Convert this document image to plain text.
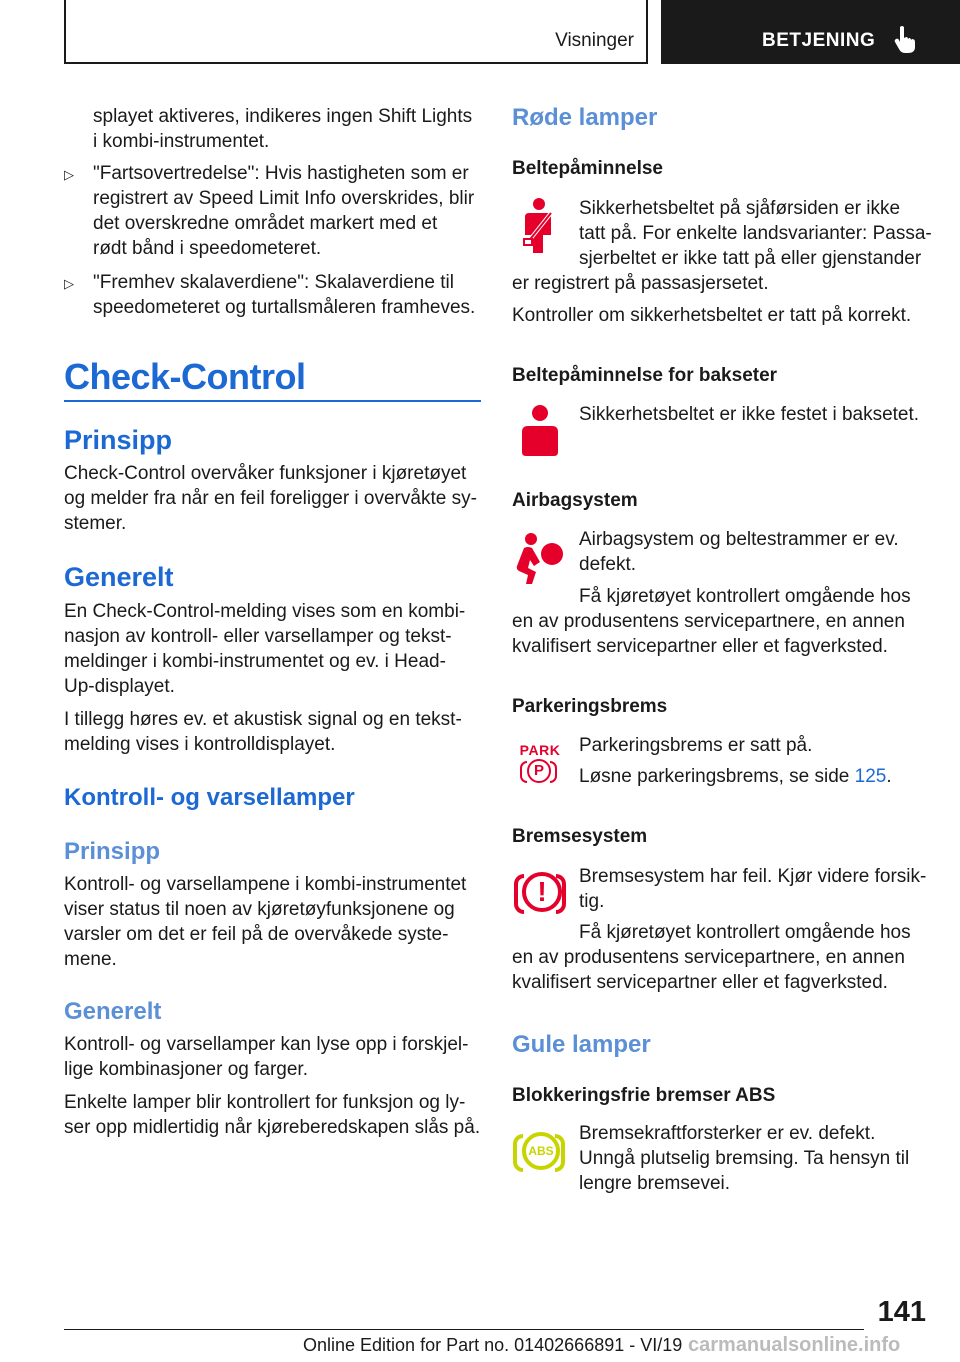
Visninger	BETJENING

splayet aktiveres, indikeres ingen Shift Lights

i kombi-instrumentet.

▷ "Fartsovertredelse": Hvis hastigheten som er

registrert av Speed Limit Info overskrides, blir

det overskredne området markert med et

rødt bånd i speedometeret.

▷ "Fremhev skalaverdiene": Skalaverdiene til

speedometeret og turtallsmåleren framheves.

Check-Control
Prinsipp

Check-Control overvåker funksjoner i kjøretøyet

og melder fra når en feil foreligger i overvåkte sy-

stemer.

Generelt

En Check-Control-melding vises som en kombi-

nasjon av kontroll- eller varsellamper og tekst-

meldinger i kombi-instrumentet og ev. i Head-

Up-displayet.

I tillegg høres ev. et akustisk signal og en tekst-

melding vises i kontrolldisplayet.

Kontroll- og varsellamper
Prinsipp

Kontroll- og varsellampene i kombi-instrumentet

viser status til noen av kjøretøyfunksjonene og

varsler om det er feil på de overvåkede syste-

mene.

Generelt

Kontroll- og varsellamper kan lyse opp i forskjel-

lige kombinasjoner og farger.

Enkelte lamper blir kontrollert for funksjon og ly-

ser opp midlertidig når kjøreberedskapen slås på.

Røde lamper
Beltepåminnelse

Sikkerhetsbeltet på sjåførsiden er ikke

tatt på. For enkelte landsvarianter: Passa-

sjerbeltet er ikke tatt på eller gjenstander

er registrert på passasjersetet.

Kontroller om sikkerhetsbeltet er tatt på korrekt.

Beltepåminnelse for bakseter

Sikkerhetsbeltet er ikke festet i baksetet.

Airbagsystem

Airbagsystem og beltestrammer er ev.

defekt.

Få kjøretøyet kontrollert omgående hos

en av produsentens servicepartnere, en annen

kvalifisert servicepartner eller et fagverksted.

Parkeringsbrems
PARK
P

Parkeringsbrems er satt på.

Løsne parkeringsbrems, se side 125.

Bremsesystem
!	Bremsesystem har feil. Kjør videre forsik-

tig.

Få kjøretøyet kontrollert omgående hos

en av produsentens servicepartnere, en annen

kvalifisert servicepartner eller et fagverksted.

Gule lamper
Blokkeringsfrie bremser ABS
ABS

Bremsekraftforsterker er ev. defekt.

Unngå plutselig bremsing. Ta hensyn til

lengre bremsevei.

141
Online Edition for Part no. 01402666891 - VI/19 carmanualsonline.info
